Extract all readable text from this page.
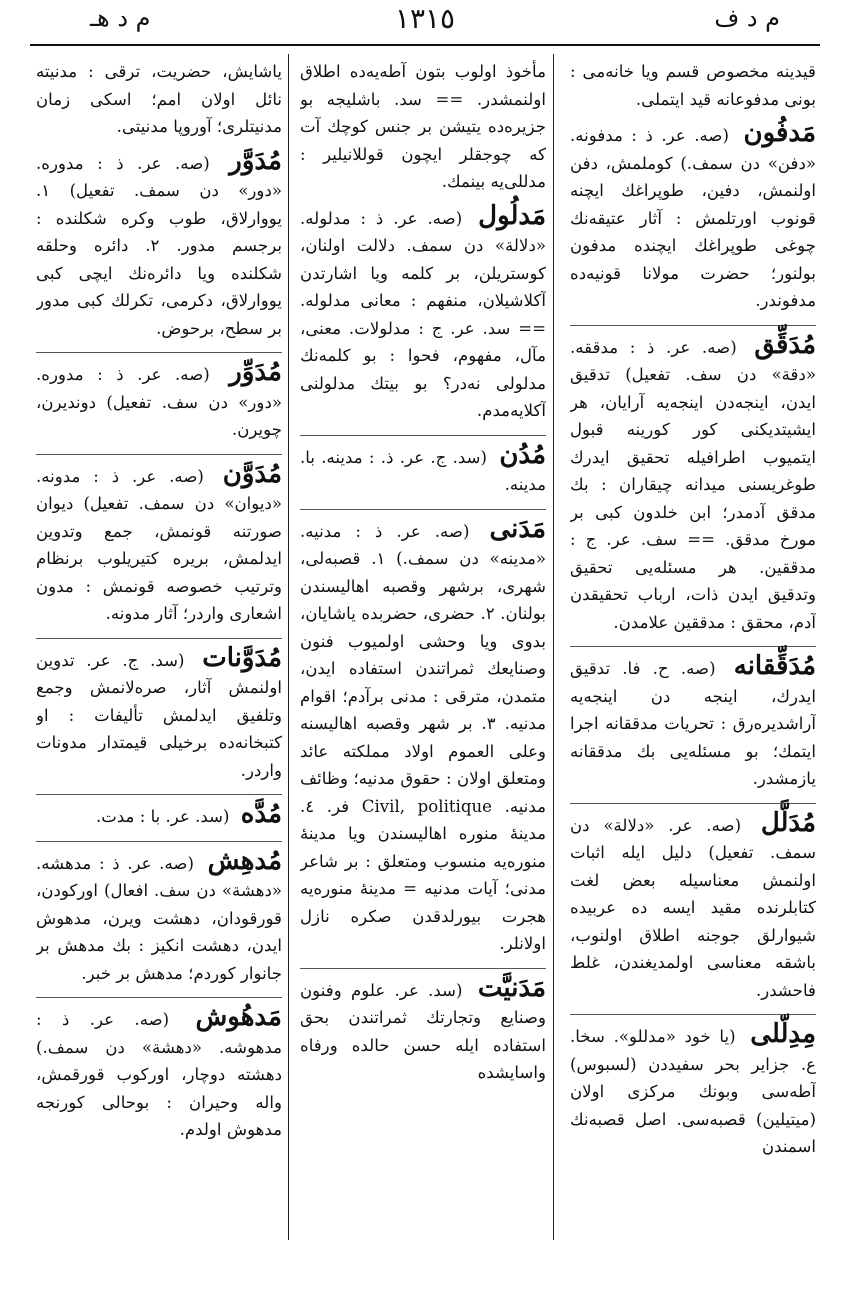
م د ف
١٣١٥
م د هـ

قيدينه مخصوص قسم ويا خانه‌مى : بونى مدفوعانه قيد ايتملى.

مَدفُون (صه. عر. ذ : مدفونه. «دفن» دن سمف.) كوملمش، دفن اولنمش، دفين، طوپراغك ايچنه قونوب اورتلمش : آثار عتيقه‌نك چوغى طوپراغك ايچنده مدفون بولنور؛ حضرت مولانا قونيه‌ده مدفوندر.
مُدَقِّق (صه. عر. ذ : مدققه. «دقة» دن سف. تفعيل) تدقيق ايدن، اينجه‌دن اينجه‌يه آرايان، هر ايشيتديكنى كور كورينه قبول ايتميوب اطرافيله تحقيق ايدرك طوغريسنى ميدانه چيقاران : بك مدقق آدمدر؛ ابن خلدون كبى بر مورخ مدقق. == سف. عر. ج : مدققين. هر مسئله‌يى تحقيق وتدقيق ايدن ذات، ارباب تحقيقدن آدم، محقق : مدققين علامدن.
مُدَقِّقانه (صه. ح. فا. تدقيق ايدرك، اينجه دن اينجه‌يه آراشديره‌رق : تحريات مدققانه اجرا ايتمك؛ بو مسئله‌يى بك مدققانه يازمشدر.
مُدَلَّل (صه. عر. «دلالة» دن سمف. تفعيل) دليل ايله اثبات اولنمش معناسيله بعض لغت كتابلرنده مقيد ايسه ده عربيده شيوارلق جوجنه اطلاق اولنوب، باشقه معناسى اولمديغندن، غلط فاحشدر.
مِدِلّلى (يا خود «مدللو». سخا. ع. جزاير بحر سفيددن (لسبوس) آطه‌سى وبونك مركزى اولان (ميتيلين) قصبه‌سى. اصل قصبه‌نك اسمندن

مأخوذ اولوب بتون آطه‌يه‌ده اطلاق اولنمشدر. == سد. باشليجه بو جزيره‌ده يتيشن بر جنس كوچك آت كه چوجقلر ايچون قوللانيلير : مدللى‌يه بينمك.

مَدلُول (صه. عر. ذ : مدلوله. «دلالة» دن سمف. دلالت اولنان، كوستريلن، بر كلمه ويا اشارتدن آكلاشيلان، منفهم : معانى مدلوله. == سد. عر. ج : مدلولات. معنى، مآل، مفهوم، فحوا : بو كلمه‌نك مدلولى نه‌در؟ بو بيتك مدلولنى آكلايه‌مدم.
مُدُن (سد. ج. عر. ذ. : مدينه. با. مدينه.
مَدَنى (صه. عر. ذ : مدنيه. «مدينه» دن سمف.) ١. قصبه‌لى، شهرى، برشهر وقصبه اهاليسندن بولنان. ٢. حضرى، حضربده ياشايان، بدوى ويا وحشى اولميوب فنون وصنايعك ثمراتندن استفاده ايدن، متمدن، مترقى : مدنى برآدم؛ اقوام مدنيه. ٣. بر شهر وقصبه اهاليسنه وعلى العموم اولاد مملكته عائد ومتعلق اولان : حقوق مدنيه؛ وظائف مدنيه. Civil, politique فر. ٤. مدينهٔ منوره اهاليسندن ويا مدينهٔ منوره‌يه منسوب ومتعلق : بر شاعر مدنى؛ آيات مدنيه = مدينهٔ منوره‌يه هجرت بيورلدقدن صكره نازل اولانلر.
مَدَنيَّت (سد. عر. علوم وفنون وصنايع وتجارتك ثمراتندن بحق استفاده ايله حسن حالده ورفاه واسايشده

ياشايش، حضريت، ترقى : مدنيته نائل اولان امم؛ اسكى زمان مدنيتلرى؛ آوروپا مدنيتى.

مُدَوَّر (صه. عر. ذ : مدوره. «دور» دن سمف. تفعيل) ١. يووارلاق، طوب وكره شكلنده : برجسم مدور. ٢. دائره وحلقه شكلنده ويا دائره‌نك ايچى كبى يووارلاق، دكرمى، تكرلك كبى مدور بر سطح، برحوض.
مُدَوِّر (صه. عر. ذ : مدوره. «دور» دن سف. تفعيل) دونديرن، چويرن.
مُدَوَّن (صه. عر. ذ : مدونه. «ديوان» دن سمف. تفعيل) ديوان صورتنه قونمش، جمع وتدوين ايدلمش، بريره كتيريلوب برنظام وترتيب خصوصه قونمش : مدون اشعارى واردر؛ آثار مدونه.
مُدَوَّنات (سد. ج. عر. تدوين اولنمش آثار، صره‌لانمش وجمع وتلفيق ايدلمش تأليفات : او كتبخانه‌ده برخيلى قيمتدار مدونات واردر.
مُدَّه (سد. عر. با : مدت.
مُدهِش (صه. عر. ذ : مدهشه. «دهشة» دن سف. افعال) اوركودن، قورقودان، دهشت ويرن، مدهوش ايدن، دهشت انكيز : بك مدهش بر جانوار كوردم؛ مدهش بر خبر.
مَدهُوش (صه. عر. ذ : مدهوشه. «دهشة» دن سمف.) دهشته دوچار، اوركوب قورقمش، واله وحيران : بوحالى كورنجه مدهوش اولدم.
